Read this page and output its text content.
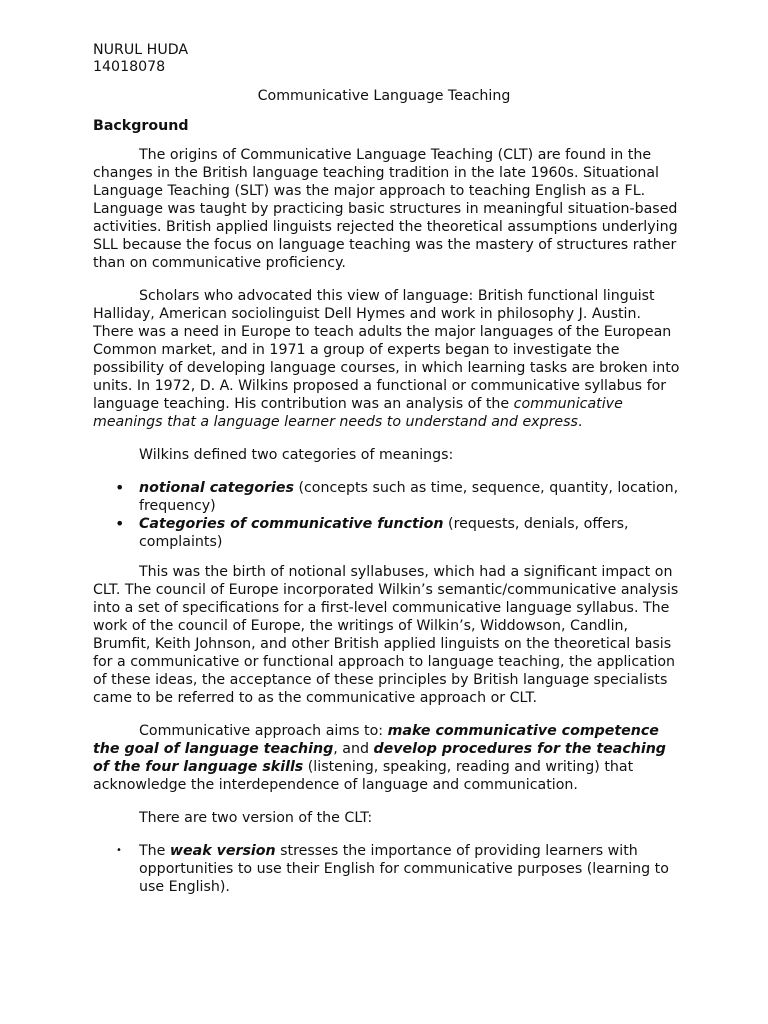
NURUL HUDA
14018078
Communicative Language Teaching
Background

The origins of Communicative Language Teaching (CLT) are found in the changes in the British language teaching tradition in the late 1960s. Situational Language Teaching (SLT) was the major approach to teaching English as a FL. Language was taught by practicing basic structures in meaningful situation-based activities. British applied linguists rejected the theoretical assumptions underlying SLL because the focus on language teaching was the mastery of structures rather than on communicative proficiency.

Scholars who advocated this view of language: British functional linguist Halliday, American sociolinguist Dell Hymes and work in philosophy J. Austin. There was a need in Europe to teach adults the major languages of the European Common market, and in 1971 a group of experts began to investigate the possibility of developing language courses, in which learning tasks are broken into units. In 1972, D. A. Wilkins proposed a functional or communicative syllabus for language teaching. His contribution was an analysis of the communicative meanings that a language learner needs to understand and express.

Wilkins defined two categories of meanings:

• notional categories (concepts such as time, sequence, quantity, location, frequency)
• Categories of communicative function (requests, denials, offers, complaints)

This was the birth of notional syllabuses, which had a significant impact on CLT. The council of Europe incorporated Wilkin’s semantic/communicative analysis into a set of specifications for a first-level communicative language syllabus. The work of the council of Europe, the writings of Wilkin’s, Widdowson, Candlin, Brumfit, Keith Johnson, and other British applied linguists on the theoretical basis for a communicative or functional approach to language teaching, the application of these ideas, the acceptance of these principles by British language specialists came to be referred to as the communicative approach or CLT.

Communicative approach aims to: make communicative competence the goal of language teaching, and develop procedures for the teaching of the four language skills (listening, speaking, reading and writing) that acknowledge the interdependence of language and communication.

There are two version of the CLT:

• The weak version stresses the importance of providing learners with opportunities to use their English for communicative purposes (learning to use English).
